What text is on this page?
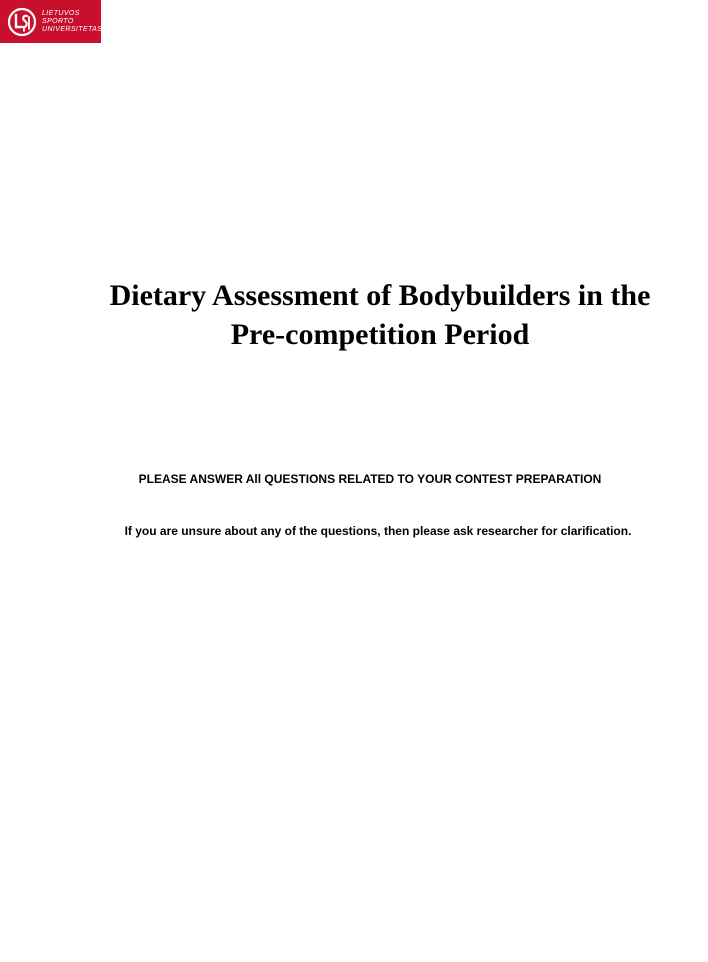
LIETUVOS
SPORTO
UNIVERSITETAS
Dietary Assessment of Bodybuilders in the
Pre-competition Period

PLEASE ANSWER All QUESTIONS RELATED TO YOUR CONTEST PREPARATION

If you are unsure about any of the questions, then please ask researcher for clarification.
